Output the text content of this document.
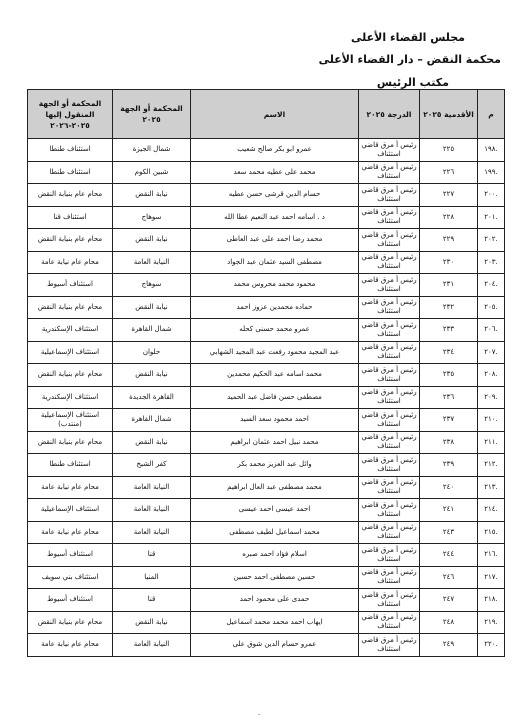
مجلس القضاء الأعلى
محكمة النقض – دار القضاء الأعلى
مكتب الرئيس
م	الأقدمية ٢٠٢٥	الدرجة ٢٠٢٥	الاسم	المحكمة أو الجهة ٢٠٢٥	المحكمة أو الجهة المنقول إليها ٢٠٢٥-٢٠٢٦
.١٩٨	٢٢٥	رئيس أ مرق قاضي استئناف	عمرو ابو بكر صالح شعيب	شمال الجيزة	استئناف طنطا
.١٩٩	٢٢٦	رئيس أ مرق قاضي استئناف	محمد على عطيه محمد سعد	شبين الكوم	استئناف طنطا
.٢٠٠	٢٢٧	رئيس أ مرق قاضي استئناف	حسام الدين قرشى حسن عطيه	نيابة النقض	محام عام بنيابة النقض
.٢٠١	٢٢٨	رئيس أ مرق قاضي استئناف	د . اسامه احمد عبد النعيم عطا الله	سوهاج	استئناف قنا
.٢٠٢	٢٢٩	رئيس أ مرق قاضي استئناف	محمد رضا احمد على عبد العاطى	نيابة النقض	محام عام بنيابة النقض
.٢٠٣	٢٣٠	رئيس أ مرق قاضي استئناف	مصطفى السيد عثمان عبد الجواد	النيابة العامة	محام عام نيابة عامة
.٢٠٤	٢٣١	رئيس أ مرق قاضي استئناف	محمود محمد محروس محمد	سوهاج	استئناف أسيوط
.٢٠٥	٢٣٢	رئيس أ مرق قاضي استئناف	حماده محمدين عزوز احمد	نيابة النقض	محام عام بنيابة النقض
.٢٠٦	٢٣٣	رئيس أ مرق قاضي استئناف	عمرو محمد حسنى كحله	شمال القاهرة	استئناف الإسكندرية
.٢٠٧	٢٣٤	رئيس أ مرق قاضي استئناف	عبد المجيد محمود رفعت عبد المجيد الشهابي	حلوان	استئناف الإسماعيلية
.٢٠٨	٢٣٥	رئيس أ مرق قاضي استئناف	محمد اسامه عبد الحكيم محمدين	نيابة النقض	محام عام بنيابة النقض
.٢٠٩	٢٣٦	رئيس أ مرق قاضي استئناف	مصطفى حسن فاضل عبد الحميد	القاهرة الجديدة	استئناف الإسكندرية
.٢١٠	٢٣٧	رئيس أ مرق قاضي استئناف	احمد محمود سعد السيد	شمال القاهرة	استئناف الإسماعيلية (منتدب)
.٢١١	٢٣٨	رئيس أ مرق قاضي استئناف	محمد نبيل احمد عثمان ابراهيم	نيابة النقض	محام عام بنيابة النقض
.٢١٢	٢٣٩	رئيس أ مرق قاضي استئناف	وائل عبد العزيز محمد بكر	كفر الشيخ	استئناف طنطا
.٢١٣	٢٤٠	رئيس أ مرق قاضي استئناف	محمد مصطفى عبد العال ابراهيم	النيابة العامة	محام عام نيابة عامة
.٢١٤	٢٤١	رئيس أ مرق قاضي استئناف	احمد عيسى احمد عيسى	النيابة العامة	استئناف الإسماعيلية
.٢١٥	٢٤٣	رئيس أ مرق قاضي استئناف	محمد اسماعيل لطيف مصطفى	النيابة العامة	محام عام نيابة عامة
.٢١٦	٢٤٤	رئيس أ مرق قاضي استئناف	اسلام فؤاد احمد صبره	قنا	استئناف أسيوط
.٢١٧	٢٤٦	رئيس أ مرق قاضي استئناف	حسين مصطفى احمد حسين	المنيا	استئناف بني سويف
.٢١٨	٢٤٧	رئيس أ مرق قاضي استئناف	حمدى على محمود احمد	قنا	استئناف أسيوط
.٢١٩	٢٤٨	رئيس أ مرق قاضي استئناف	ايهاب احمد محمد محمد اسماعيل	نيابة النقض	محام عام بنيابة النقض
.٢٢٠	٢٤٩	رئيس أ مرق قاضي استئناف	عمرو حسام الدين شوق على	النيابة العامة	محام عام نيابة عامة
·
